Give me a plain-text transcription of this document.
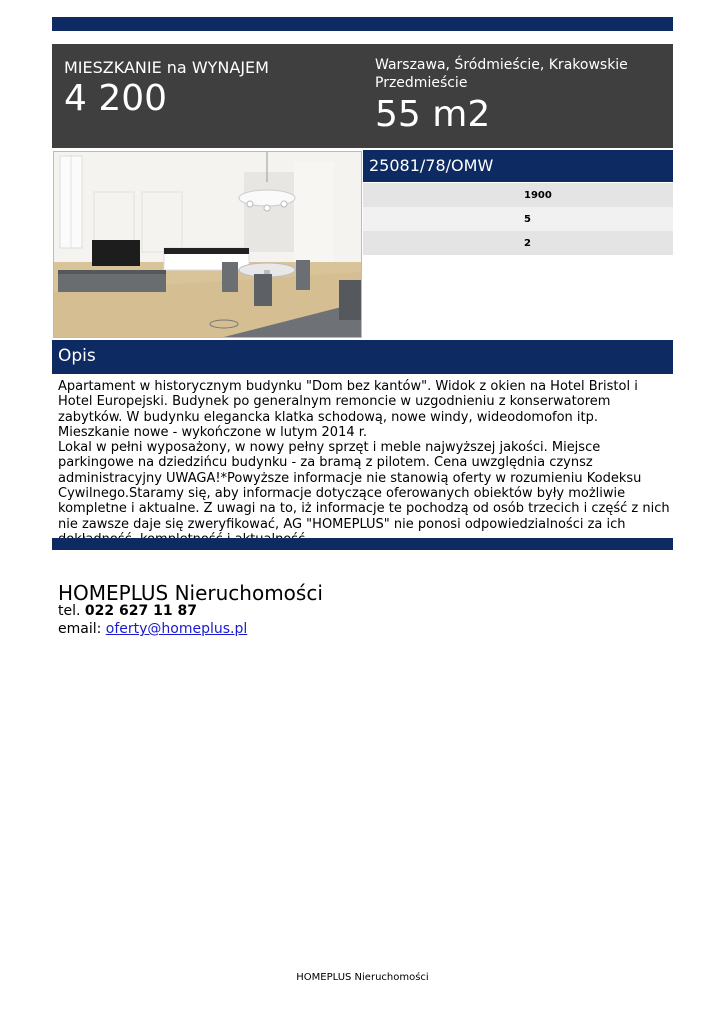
MIESZKANIE na WYNAJEM
4 200
Warszawa, Śródmieście, Krakowskie Przedmieście
55 m2
25081/78/OMW
1900
5
2
Opis
Apartament w historycznym budynku "Dom bez kantów". Widok z okien na Hotel Bristol i Hotel Europejski. Budynek po generalnym remoncie w uzgodnieniu z konserwatorem zabytków. W budynku elegancka klatka schodową, nowe windy, wideodomofon itp. Mieszkanie nowe - wykończone w lutym 2014 r.
Lokal w pełni wyposażony, w nowy pełny sprzęt i meble najwyższej jakości. Miejsce parkingowe na dziedzińcu budynku - za bramą z pilotem. Cena uwzględnia czynsz administracyjny UWAGA!*Powyższe informacje nie stanowią oferty w rozumieniu Kodeksu Cywilnego.Staramy się, aby informacje dotyczące oferowanych obiektów były możliwie kompletne i aktualne. Z uwagi na to, iż informacje te pochodzą od osób trzecich i część z nich nie zawsze daje się zweryfikować, AG "HOMEPLUS" nie ponosi odpowiedzialności za ich
HOMEPLUS Nieruchomości
tel. 022 627 11 87
email: oferty@homeplus.pl
HOMEPLUS Nieruchomości
